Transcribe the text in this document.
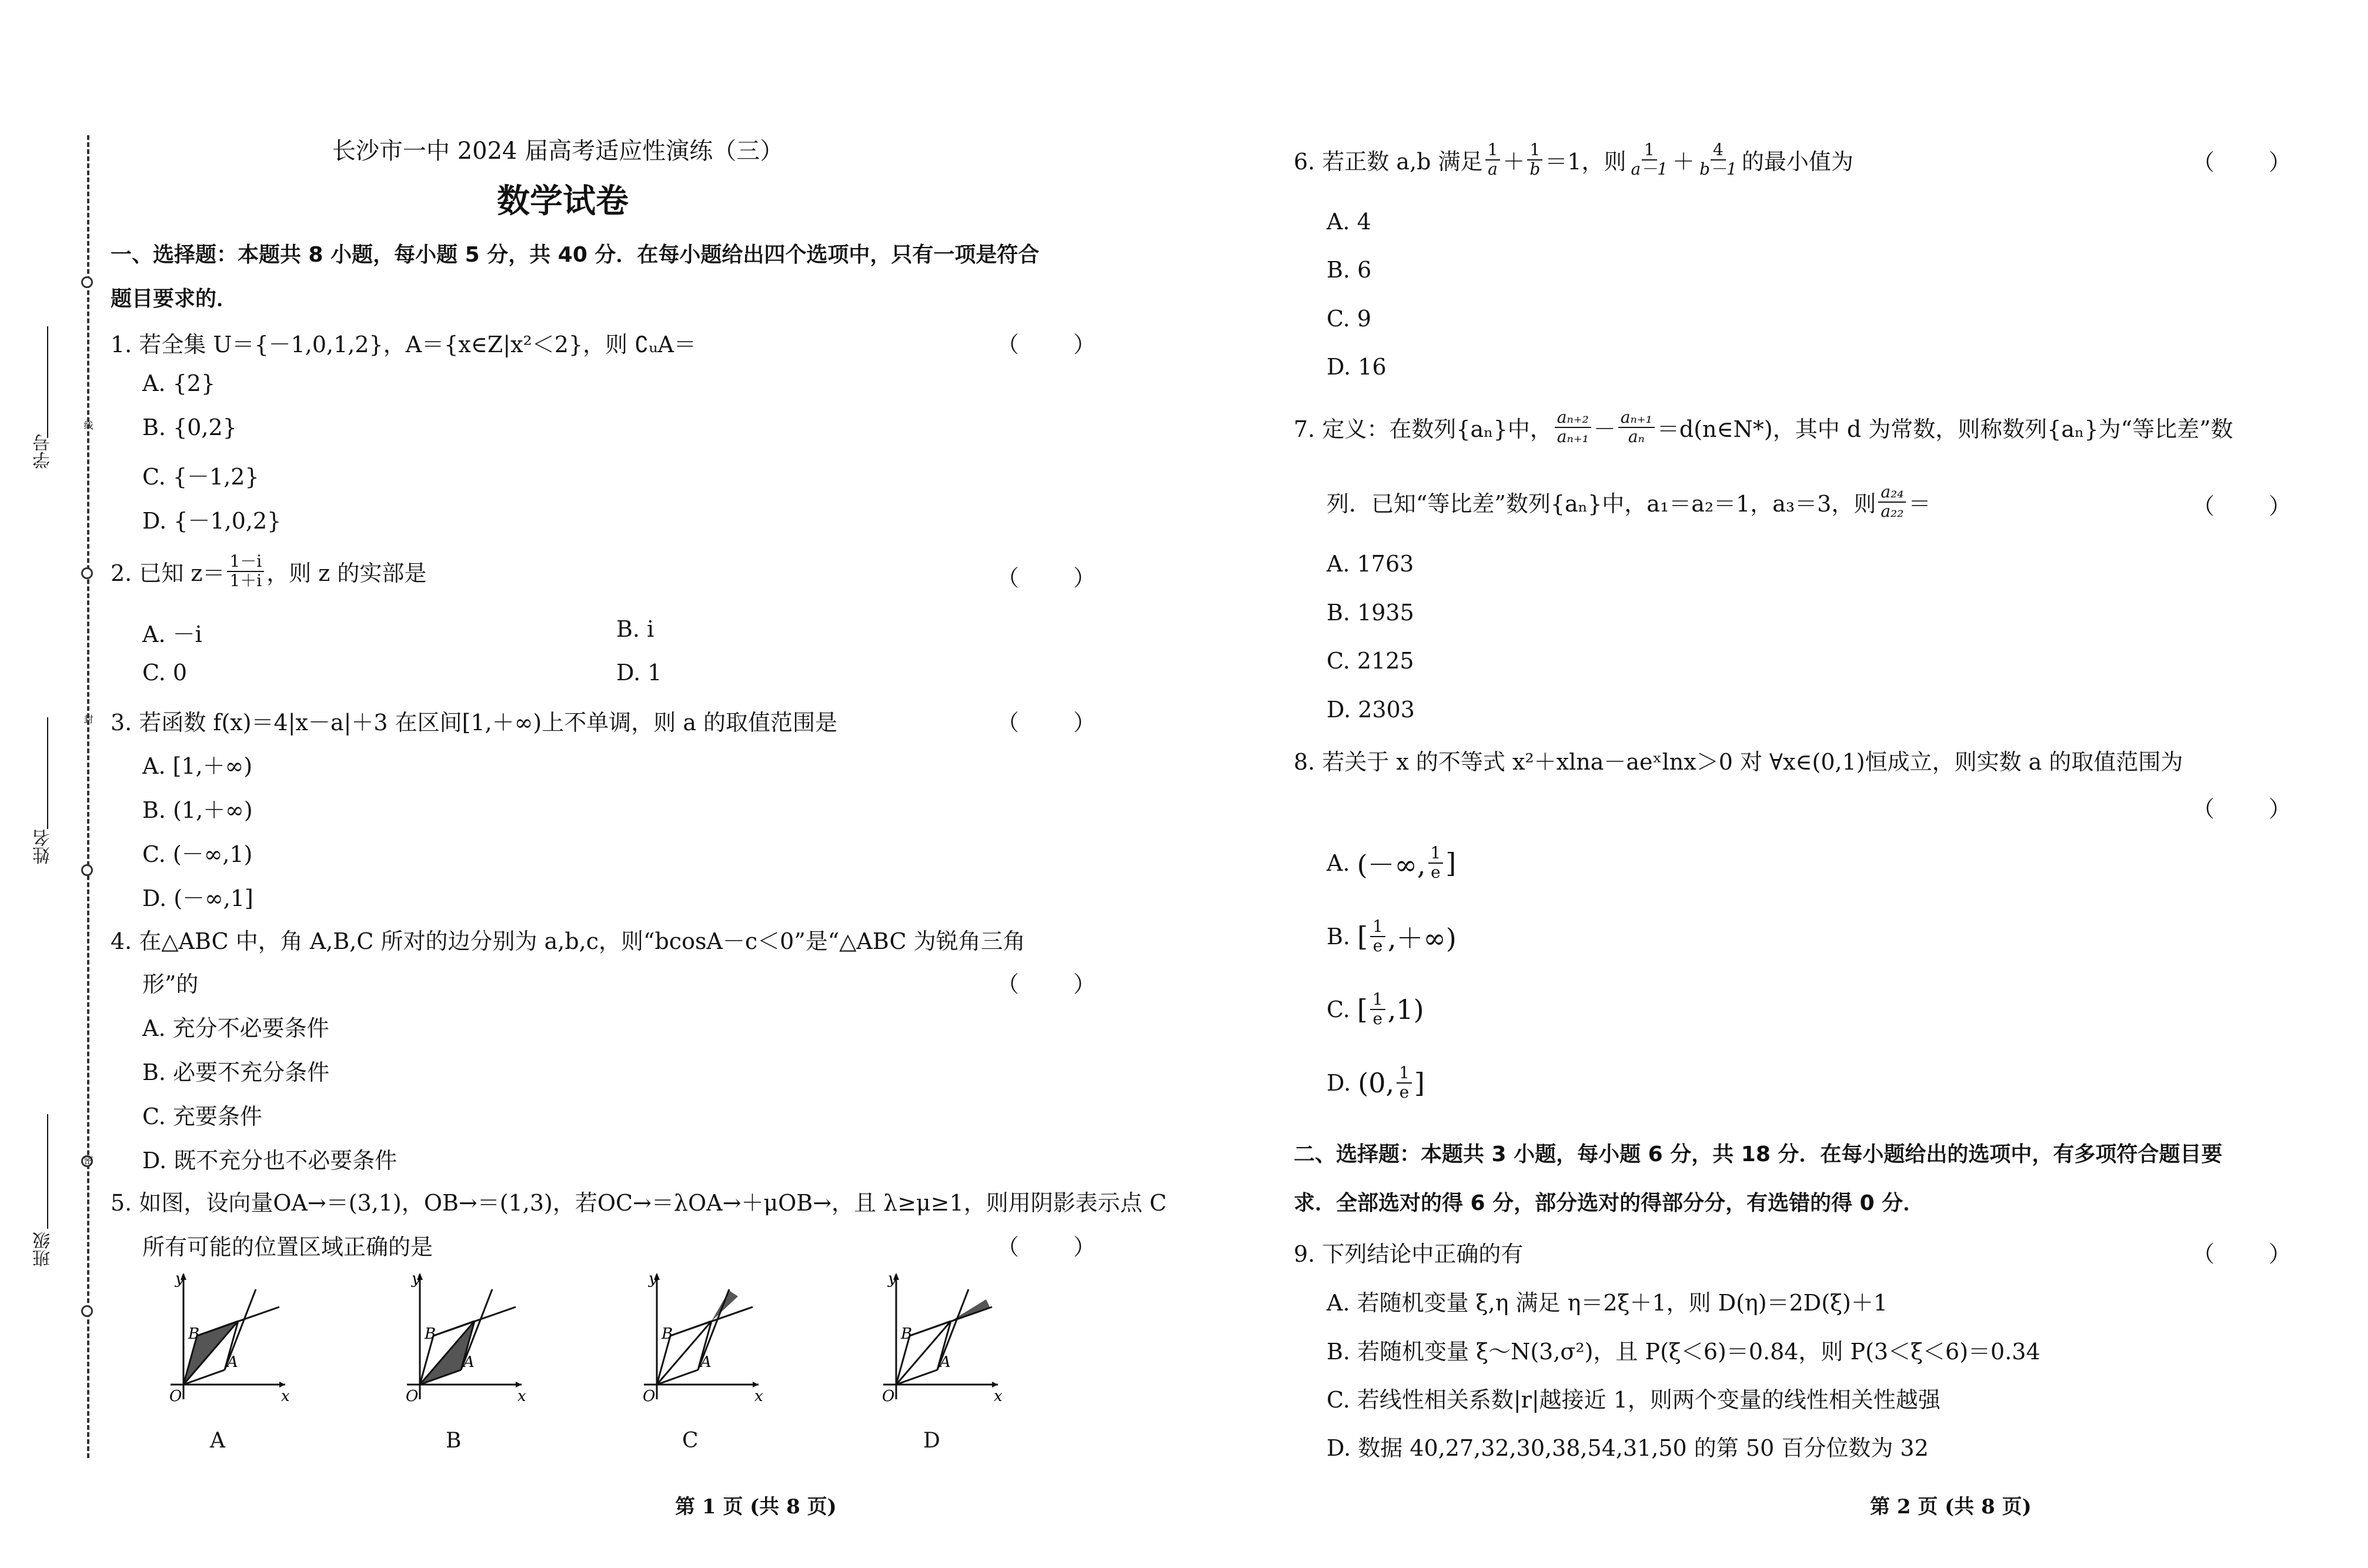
线
封
密
学号
姓名
班级
长沙市一中 2024 届高考适应性演练（三）
数学试卷
一、选择题：本题共 8 小题，每小题 5 分，共 40 分．在每小题给出四个选项中，只有一项是符合
题目要求的．
1. 若全集 U＝{－1,0,1,2}，A＝{x∈Z|x²＜2}，则 ∁ᵤA＝	（ ）
A. {2}
B. {0,2}
C. {－1,2}
D. {－1,0,2}
2. 已知 $z= \frac{1-i}{1+i}$ ，则 z 的实部是	（ ）
A. －i	B. i
C. 0	D. 1
3. 若函数 f(x)＝4|x－a|＋3 在区间[1,＋∞)上不单调，则 a 的取值范围是	（ ）
A. [1,＋∞)
B. (1,＋∞)
C. (－∞,1)
D. (－∞,1]
4. 在△ABC 中，角 A,B,C 所对的边分别为 a,b,c，则“bcosA－c＜0”是“△ABC 为锐角三角
形”的	（ ）
A. 充分不必要条件
B. 必要不充分条件
C. 充要条件
D. 既不充分也不必要条件
5. 如图，设向量OA→＝(3,1)，OB→＝(1,3)，若OC→＝λOA→＋μOB→，且 λ≥μ≥1，则用阴影表示点 C
所有可能的位置区域正确的是	（ ）
y
x
O
A
B
y
x
O
A
B
y
x
O
A
B
y
x
O
A
B
A	B	C	D
第 1 页 (共 8 页)
6. 若正数 a,b 满足 $\frac{1}{a} + \frac{1}{b} =1$，则 $\frac{1}{a-1} + \frac{4}{b-1}$ 的最小值为	（ ）
A. 4
B. 6
C. 9
D. 16
7. 定义：在数列{aₙ}中， $\frac{\text{aₙ₊₂}}{\text{aₙ₊₁}} - \frac{\text{aₙ₊₁}}{\text{aₙ}}$ ＝d(n∈N*)，其中 d 为常数，则称数列{aₙ}为“等比差”数
列．已知“等比差”数列{aₙ}中，a₁＝a₂＝1，a₃＝3，则 $\frac{\text{a₂₄}}{\text{a₂₂}}$ ＝	（ ）
A. 1763
B. 1935
C. 2125
D. 2303
8. 若关于 x 的不等式 x²＋xlna－aeˣlnx＞0 对 ∀x∈(0,1)恒成立，则实数 a 的取值范围为
（ ）
A.
(－∞, $\frac{1}{e}$ ]
B.
[ $\frac{1}{e}$ ,＋∞)
C.
[ $\frac{1}{e} ,1$)
D.
(0, $\frac{1}{e}$ ]
二、选择题：本题共 3 小题，每小题 6 分，共 18 分．在每小题给出的选项中，有多项符合题目要
求．全部选对的得 6 分，部分选对的得部分分，有选错的得 0 分．
9. 下列结论中正确的有	（ ）
A. 若随机变量 ξ,η 满足 η＝2ξ＋1，则 D(η)＝2D(ξ)＋1
B. 若随机变量 ξ～N(3,σ²)，且 P(ξ＜6)＝0.84，则 P(3＜ξ＜6)＝0.34
C. 若线性相关系数|r|越接近 1，则两个变量的线性相关性越强
D. 数据 40,27,32,30,38,54,31,50 的第 50 百分位数为 32
第 2 页 (共 8 页)
